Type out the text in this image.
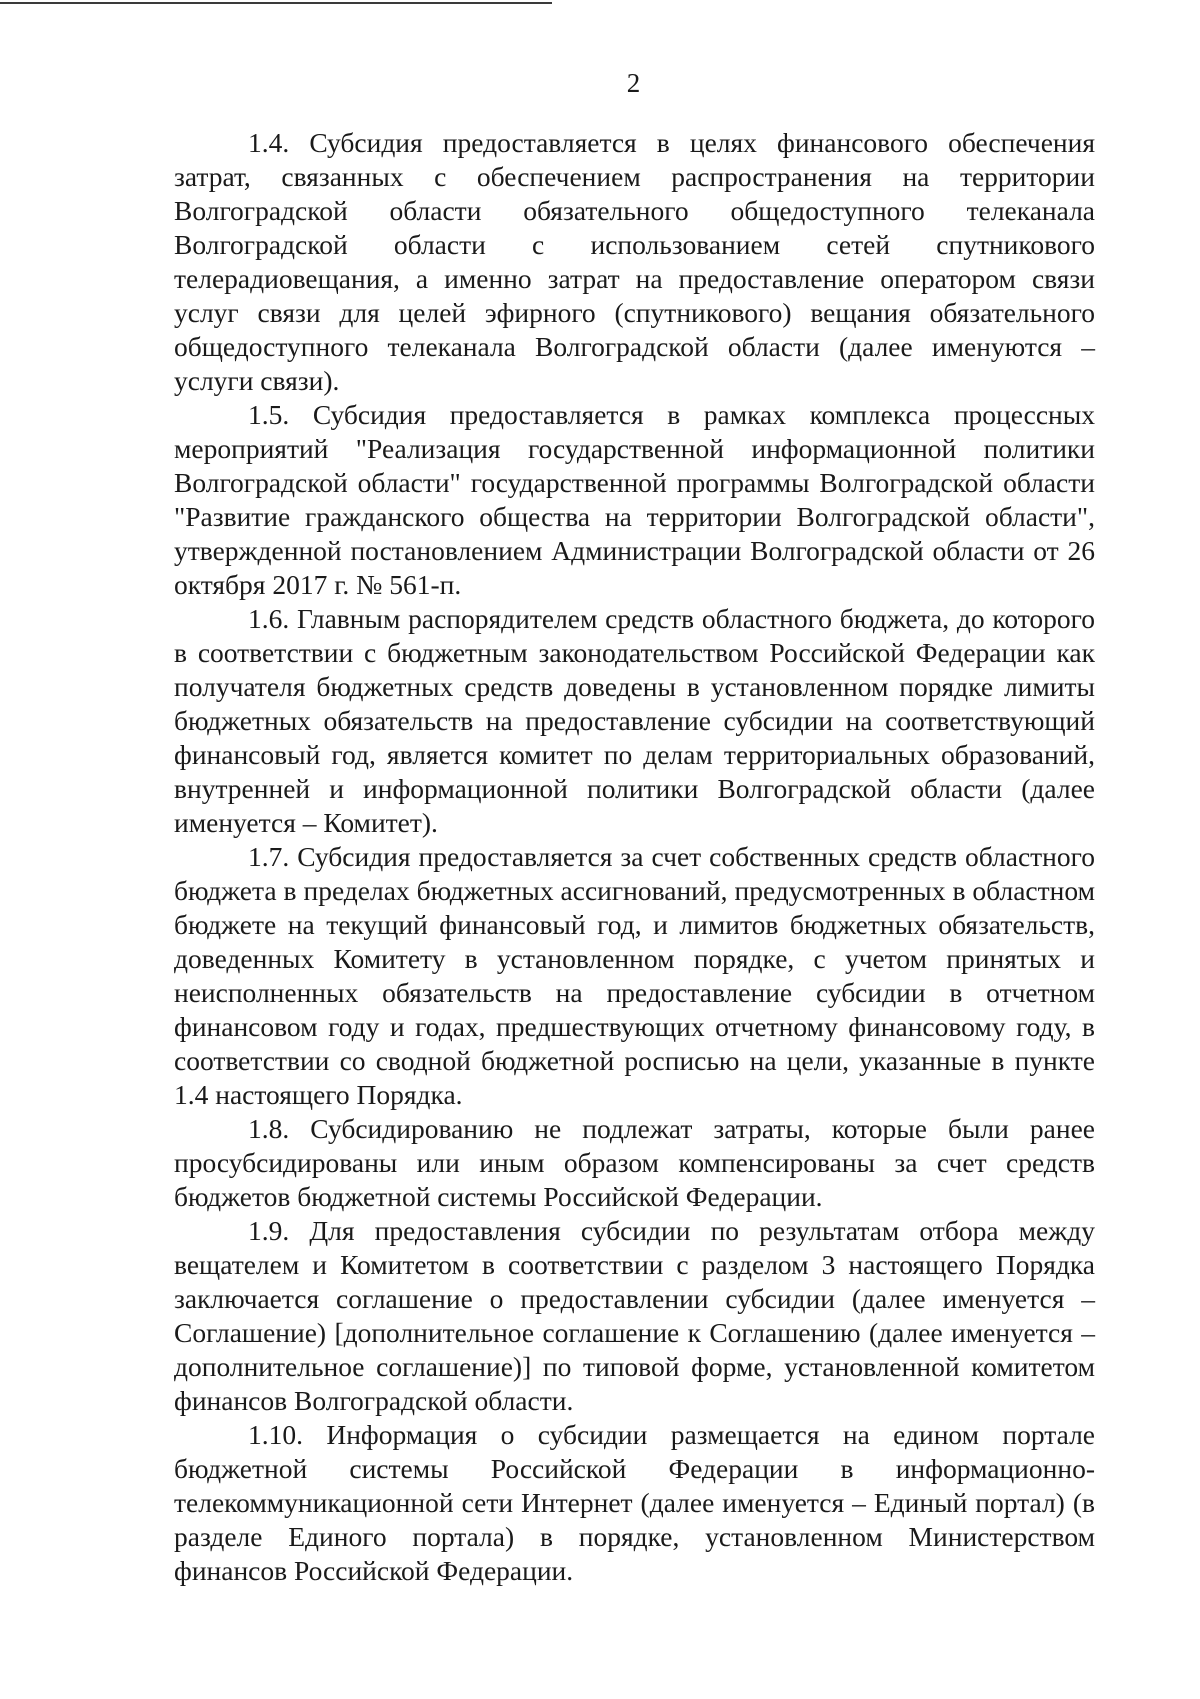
2

1.4. Субсидия предоставляется в целях финансового обеспечения затрат, связанных с обеспечением распространения на территории Волгоградской области обязательного общедоступного телеканала Волгоградской области с использованием сетей спутникового телерадиовещания, а именно затрат на предоставление оператором связи услуг связи для целей эфирного (спутникового) вещания обязательного общедоступного телеканала Волгоградской области (далее именуются – услуги связи).

1.5. Субсидия предоставляется в рамках комплекса процессных мероприятий "Реализация государственной информационной политики Волгоградской области" государственной программы Волгоградской области "Развитие гражданского общества на территории Волгоградской области", утвержденной постановлением Администрации Волгоградской области от 26 октября 2017 г. № 561-п.

1.6. Главным распорядителем средств областного бюджета, до которого в соответствии с бюджетным законодательством Российской Федерации как получателя бюджетных средств доведены в установленном порядке лимиты бюджетных обязательств на предоставление субсидии на соответствующий финансовый год, является комитет по делам территориальных образований, внутренней и информационной политики Волгоградской области (далее именуется – Комитет).

1.7. Субсидия предоставляется за счет собственных средств областного бюджета в пределах бюджетных ассигнований, предусмотренных в областном бюджете на текущий финансовый год, и лимитов бюджетных обязательств, доведенных Комитету в установленном порядке, с учетом принятых и неисполненных обязательств на предоставление субсидии в отчетном финансовом году и годах, предшествующих отчетному финансовому году, в соответствии со сводной бюджетной росписью на цели, указанные в пункте 1.4 настоящего Порядка.

1.8. Субсидированию не подлежат затраты, которые были ранее просубсидированы или иным образом компенсированы за счет средств бюджетов бюджетной системы Российской Федерации.

1.9. Для предоставления субсидии по результатам отбора между вещателем и Комитетом в соответствии с разделом 3 настоящего Порядка заключается соглашение о предоставлении субсидии (далее именуется – Соглашение) [дополнительное соглашение к Соглашению (далее именуется – дополнительное соглашение)] по типовой форме, установленной комитетом финансов Волгоградской области.

1.10. Информация о субсидии размещается на едином портале бюджетной системы Российской Федерации в информационно-телекоммуникационной сети Интернет (далее именуется – Единый портал) (в разделе Единого портала) в порядке, установленном Министерством финансов Российской Федерации.
